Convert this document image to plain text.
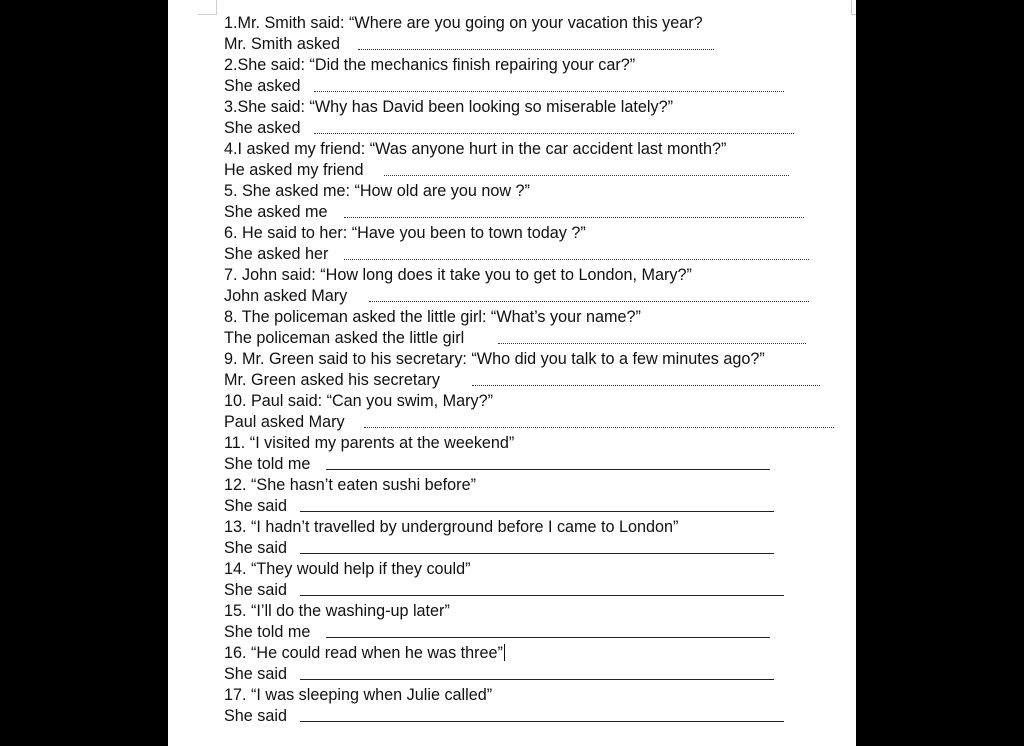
1.Mr. Smith said: “Where are you going on your vacation this year?
Mr. Smith asked
2.She said: “Did the mechanics finish repairing your car?”
She asked
3.She said: “Why has David been looking so miserable lately?”
She asked
4.I asked my friend: “Was anyone hurt in the car accident last month?”
He asked my friend
5. She asked me: “How old are you now ?”
She asked me
6. He said to her: “Have you been to town today ?”
She asked her
7. John said: “How long does it take you to get to London, Mary?”
John asked Mary
8. The policeman asked the little girl: “What’s your name?”
The policeman asked the little girl
9. Mr. Green said to his secretary: “Who did you talk to a few minutes ago?”
Mr. Green asked his secretary
10. Paul said: “Can you swim, Mary?”
Paul asked Mary
11. “I visited my parents at the weekend”
She told me
12. “She hasn’t eaten sushi before”
She said
13. “I hadn’t travelled by underground before I came to London”
She said
14. “They would help if they could”
She said
15. “I’ll do the washing-up later”
She told me
16. “He could read when he was three”
She said
17. “I was sleeping when Julie called”
She said
